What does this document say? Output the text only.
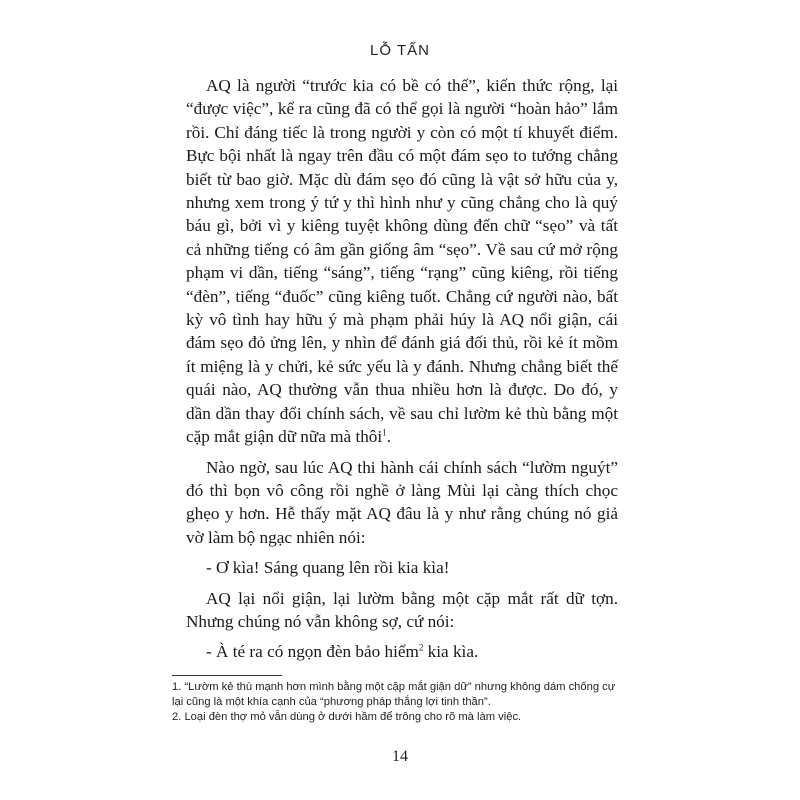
LỖ TẤN

AQ là người “trước kia có bề có thế”, kiến thức rộng, lại “được việc”, kể ra cũng đã có thể gọi là người “hoàn hảo” lắm rồi. Chỉ đáng tiếc là trong người y còn có một tí khuyết điểm. Bực bội nhất là ngay trên đầu có một đám sẹo to tướng chẳng biết từ bao giờ. Mặc dù đám sẹo đó cũng là vật sở hữu của y, nhưng xem trong ý tứ y thì hình như y cũng chẳng cho là quý báu gì, bởi vì y kiêng tuyệt không dùng đến chữ “sẹo” và tất cả những tiếng có âm gần giống âm “sẹo”. Về sau cứ mở rộng phạm vi dần, tiếng “sáng”, tiếng “rạng” cũng kiêng, rồi tiếng “đèn”, tiếng “đuốc” cũng kiêng tuốt. Chẳng cứ người nào, bất kỳ vô tình hay hữu ý mà phạm phải húy là AQ nổi giận, cái đám sẹo đỏ ửng lên, y nhìn để đánh giá đối thủ, rồi kẻ ít mồm ít miệng là y chửi, kẻ sức yếu là y đánh. Nhưng chẳng biết thế quái nào, AQ thường vẫn thua nhiều hơn là được. Do đó, y dần dần thay đổi chính sách, về sau chỉ lườm kẻ thù bằng một cặp mắt giận dữ nữa mà thôi$^1$.

Nào ngờ, sau lúc AQ thi hành cái chính sách “lườm nguýt” đó thì bọn vô công rồi nghề ở làng Mùi lại càng thích chọc ghẹo y hơn. Hễ thấy mặt AQ đâu là y như rằng chúng nó giả vờ làm bộ ngạc nhiên nói:

- Ơ kìa! Sáng quang lên rồi kia kìa!

AQ lại nổi giận, lại lườm bằng một cặp mắt rất dữ tợn. Nhưng chúng nó vẫn không sợ, cứ nói:

- À té ra có ngọn đèn bảo hiểm$^2$ kia kìa.

1. “Lườm kẻ thù mạnh hơn mình bằng một cặp mắt giận dữ” nhưng không dám chống cự lại cũng là một khía cạnh của “phương pháp thắng lợi tinh thần”.
2. Loại đèn thợ mỏ vẫn dùng ở dưới hầm để trông cho rõ mà làm việc.
14
